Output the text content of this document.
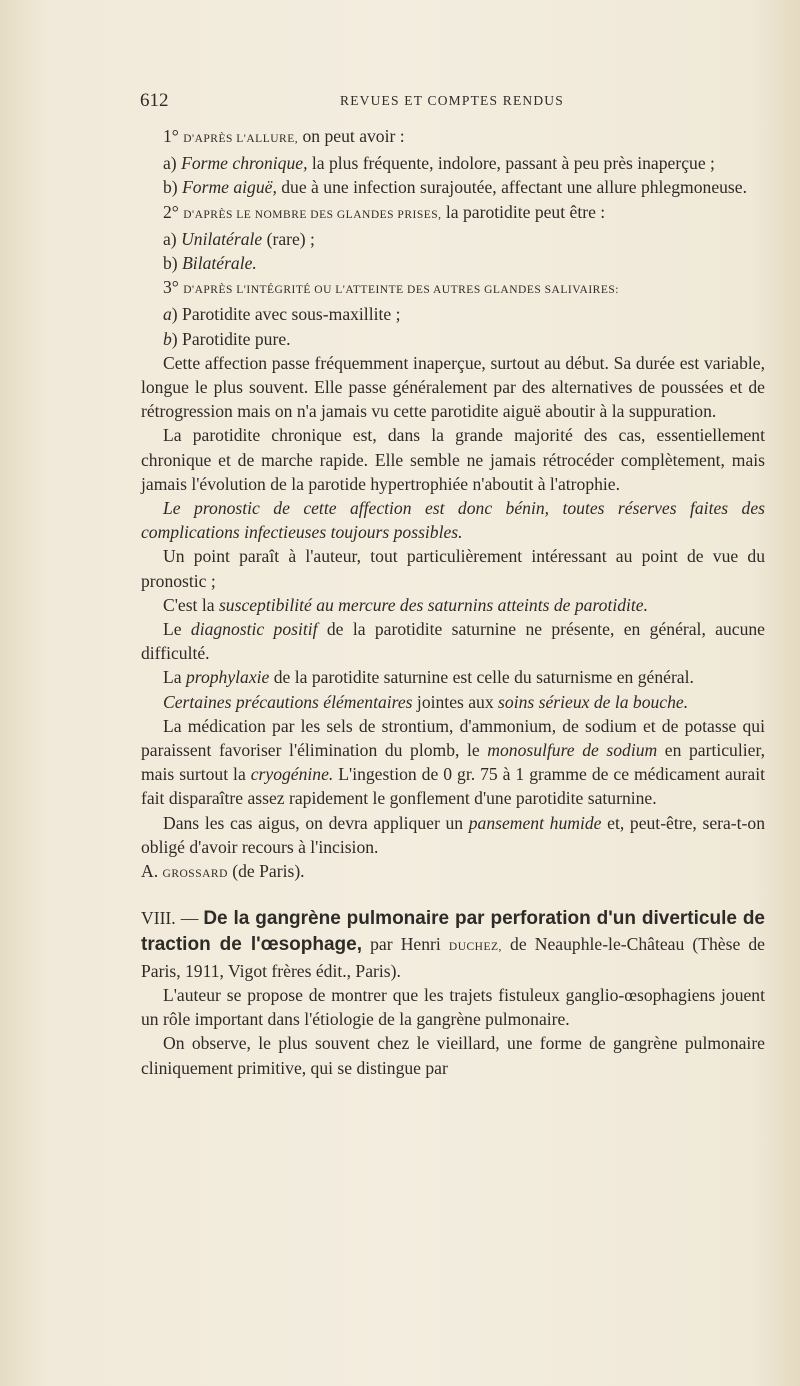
612	REVUES ET COMPTES RENDUS

1° D'APRÈS L'ALLURE, on peut avoir :

a) Forme chronique, la plus fréquente, indolore, passant à peu près inaperçue ;

b) Forme aiguë, due à une infection surajoutée, affectant une allure phlegmoneuse.

2° D'APRÈS LE NOMBRE DES GLANDES PRISES, la parotidite peut être :

a) Unilatérale (rare) ;

b) Bilatérale.

3° D'APRÈS L'INTÉGRITÉ OU L'ATTEINTE DES AUTRES GLANDES SALIVAIRES:

a) Parotidite avec sous-maxillite ;

b) Parotidite pure.

Cette affection passe fréquemment inaperçue, surtout au début. Sa durée est variable, longue le plus souvent. Elle passe généralement par des alternatives de poussées et de rétrogression mais on n'a jamais vu cette parotidite aiguë aboutir à la suppuration.

La parotidite chronique est, dans la grande majorité des cas, essentiellement chronique et de marche rapide. Elle semble ne jamais rétrocéder complètement, mais jamais l'évolution de la parotide hypertrophiée n'aboutit à l'atrophie.

Le pronostic de cette affection est donc bénin, toutes réserves faites des complications infectieuses toujours possibles.

Un point paraît à l'auteur, tout particulièrement intéressant au point de vue du pronostic ;

C'est la susceptibilité au mercure des saturnins atteints de parotidite.

Le diagnostic positif de la parotidite saturnine ne présente, en général, aucune difficulté.

La prophylaxie de la parotidite saturnine est celle du saturnisme en général.

Certaines précautions élémentaires jointes aux soins sérieux de la bouche.

La médication par les sels de strontium, d'ammonium, de sodium et de potasse qui paraissent favoriser l'élimination du plomb, le monosulfure de sodium en particulier, mais surtout la cryogénine. L'ingestion de 0 gr. 75 à 1 gramme de ce médicament aurait fait disparaître assez rapidement le gonflement d'une parotidite saturnine.

Dans les cas aigus, on devra appliquer un pansement humide et, peut-être, sera-t-on obligé d'avoir recours à l'incision.

A. GROSSARD (de Paris).

VIII. — De la gangrène pulmonaire par perforation d'un diverticule de traction de l'œsophage, par Henri DUCHEZ, de Neauphle-le-Château (Thèse de Paris, 1911, Vigot frères édit., Paris).

L'auteur se propose de montrer que les trajets fistuleux ganglio-œsophagiens jouent un rôle important dans l'étiologie de la gangrène pulmonaire.

On observe, le plus souvent chez le vieillard, une forme de gangrène pulmonaire cliniquement primitive, qui se distingue par
